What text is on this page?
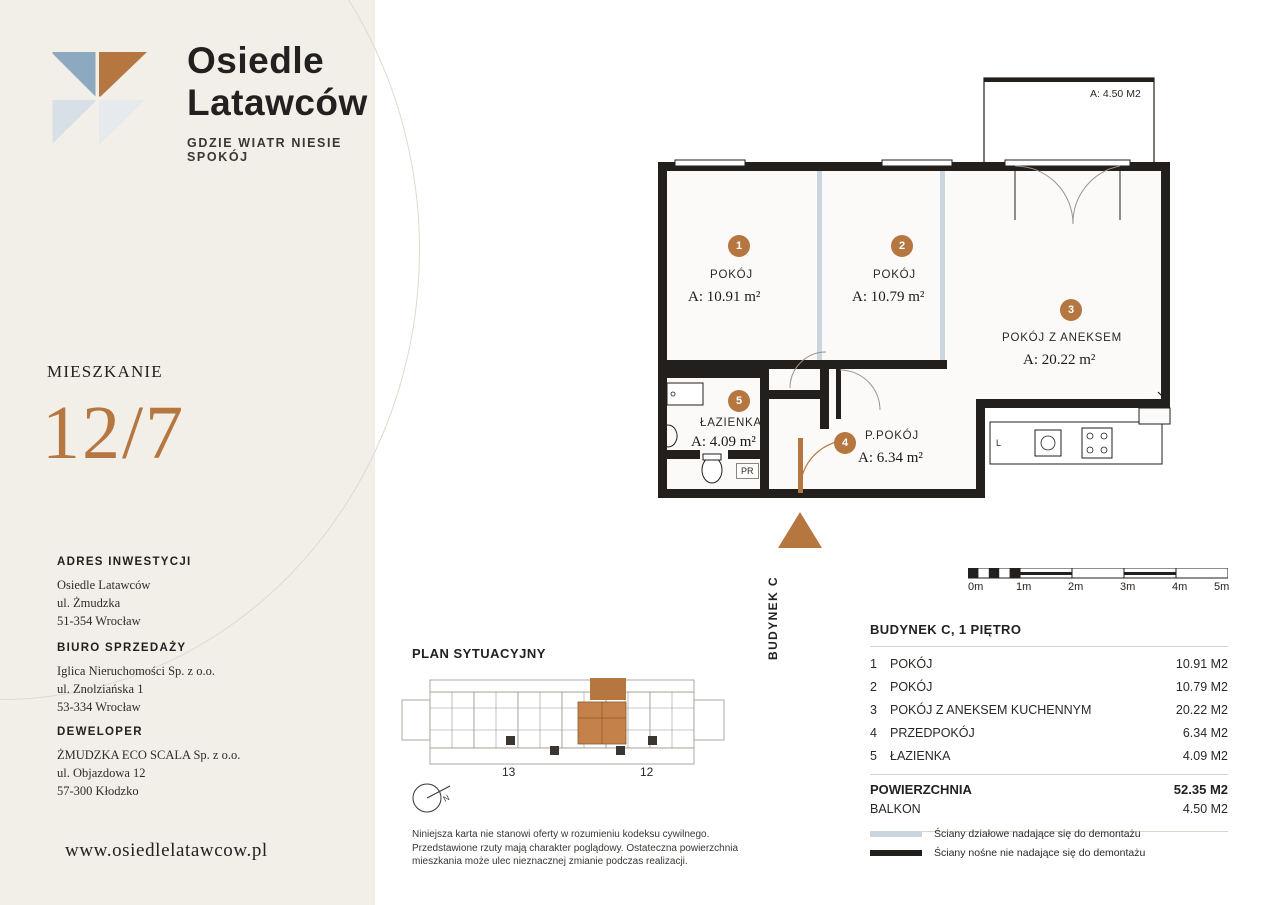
Osiedle
Latawców
GDZIE WIATR NIESIE SPOKÓJ
MIESZKANIE
12/7
ADRES INWESTYCJI

Osiedle Latawców

ul. Żmudzka

51-354 Wrocław

BIURO SPRZEDAŻY

Iglica Nieruchomości Sp. z o.o.

ul. Znolziańska 1

53-334 Wrocław

DEWELOPER

ŻMUDZKA ECO SCALA Sp. z o.o.

ul. Objazdowa 12

57-300 Kłodzko

www.osiedlelatawcow.pl
PR
L
A: 4.50 M2
1
POKÓJ
A: 10.91 m²
2
POKÓJ
A: 10.79 m²
3
POKÓJ Z ANEKSEM
A: 20.22 m²
4
P.POKÓJ
A: 6.34 m²
5
ŁAZIENKA
A: 4.09 m²
0m	1m	2m	3m	4m 5m
BUDYNEK C, 1 PIĘTRO
1	POKÓJ	10.91 M2
2	POKÓJ	10.79 M2
3	POKÓJ Z ANEKSEM KUCHENNYM	20.22 M2
4	PRZEDPOKÓJ	6.34 M2
5	ŁAZIENKA	4.09 M2
POWIERZCHNIA	52.35 M2
BALKON	4.50 M2
Ściany działowe nadające się do demontażu
Ściany nośne nie nadające się do demontażu
PLAN SYTUACYJNY
13	12
BUDYNEK C
N

Niniejsza karta nie stanowi oferty w rozumieniu kodeksu cywilnego.

Przedstawione rzuty mają charakter poglądowy. Ostateczna powierzchnia

mieszkania może ulec nieznacznej zmianie podczas realizacji.
